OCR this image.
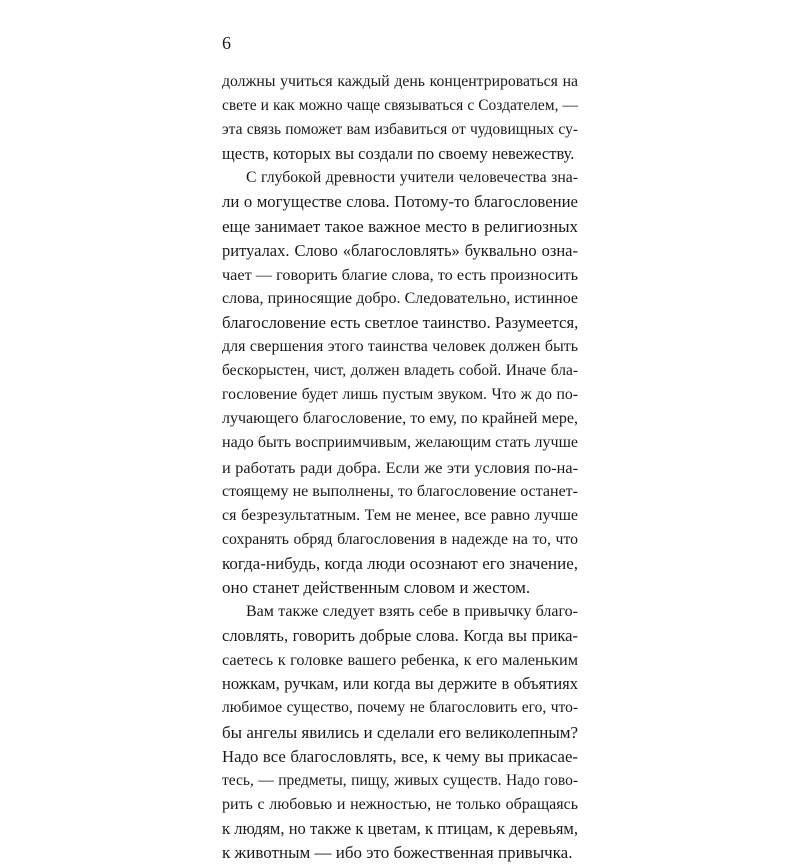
6
должны учиться каждый день концентрироваться на
свете и как можно чаще связываться с Создателем, —
эта связь поможет вам избавиться от чудовищных су-
ществ, которых вы создали по своему невежеству.
С глубокой древности учители человечества зна-
ли о могуществе слова. Потому-то благословение
еще занимает такое важное место в религиозных
ритуалах. Слово «благословлять» буквально озна-
чает — говорить благие слова, то есть произносить
слова, приносящие добро. Следовательно, истинное
благословение есть светлое таинство. Разумеется,
для свершения этого таинства человек должен быть
бескорыстен, чист, должен владеть собой. Иначе бла-
гословение будет лишь пустым звуком. Что ж до по-
лучающего благословение, то ему, по крайней мере,
надо быть восприимчивым, желающим стать лучше
и работать ради добра. Если же эти условия по-на-
стоящему не выполнены, то благословение останет-
ся безрезультатным. Тем не менее, все равно лучше
сохранять обряд благословения в надежде на то, что
когда-нибудь, когда люди осознают его значение,
оно станет действенным словом и жестом.
Вам также следует взять себе в привычку благо-
словлять, говорить добрые слова. Когда вы прика-
саетесь к головке вашего ребенка, к его маленьким
ножкам, ручкам, или когда вы держите в объятиях
любимое существо, почему не благословить его, что-
бы ангелы явились и сделали его великолепным?
Надо все благословлять, все, к чему вы прикасае-
тесь, — предметы, пищу, живых существ. Надо гово-
рить с любовью и нежностью, не только обращаясь
к людям, но также к цветам, к птицам, к деревьям,
к животным — ибо это божественная привычка.
